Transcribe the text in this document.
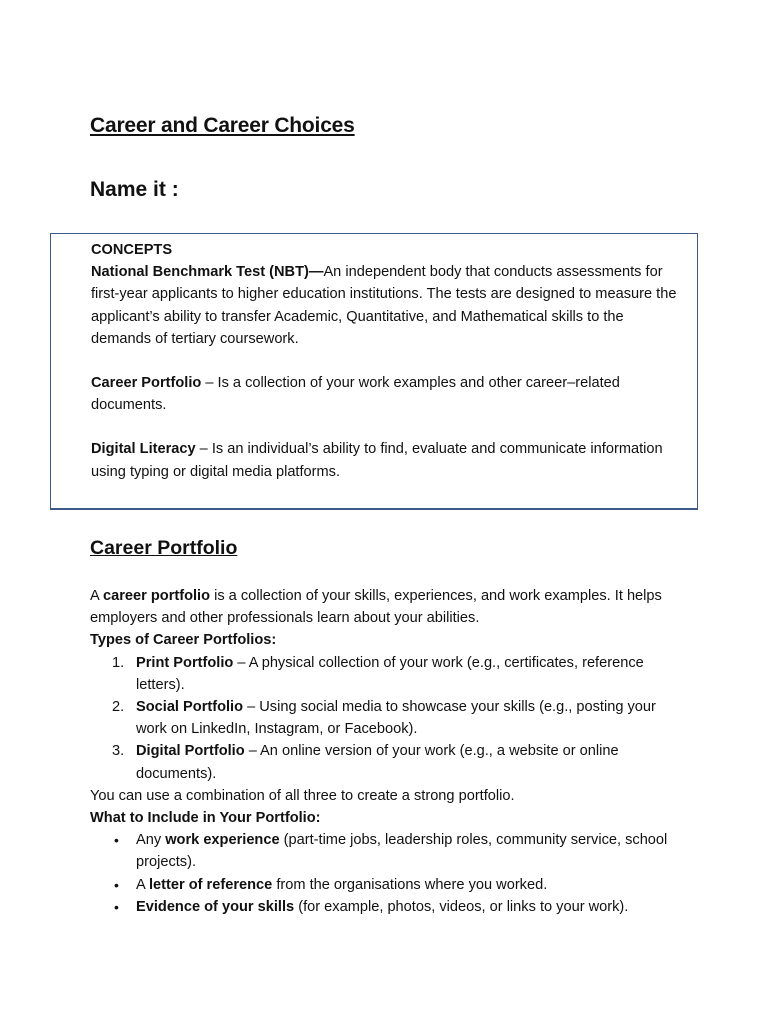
Career and Career Choices
Name it :

CONCEPTS

National Benchmark Test (NBT)—An independent body that conducts assessments for first-year applicants to higher education institutions. The tests are designed to measure the applicant’s ability to transfer Academic, Quantitative, and Mathematical skills to the demands of tertiary coursework.

Career Portfolio – Is a collection of your work examples and other career–related documents.

Digital Literacy – Is an individual’s ability to find, evaluate and communicate information using typing or digital media platforms.

Career Portfolio

A career portfolio is a collection of your skills, experiences, and work examples. It helps employers and other professionals learn about your abilities.

Types of Career Portfolios:

1. Print Portfolio – A physical collection of your work (e.g., certificates, reference letters).
2. Social Portfolio – Using social media to showcase your skills (e.g., posting your work on LinkedIn, Instagram, or Facebook).
3. Digital Portfolio – An online version of your work (e.g., a website or online documents).

You can use a combination of all three to create a strong portfolio.

What to Include in Your Portfolio:

• Any work experience (part-time jobs, leadership roles, community service, school projects).
• A letter of reference from the organisations where you worked.
• Evidence of your skills (for example, photos, videos, or links to your work).
